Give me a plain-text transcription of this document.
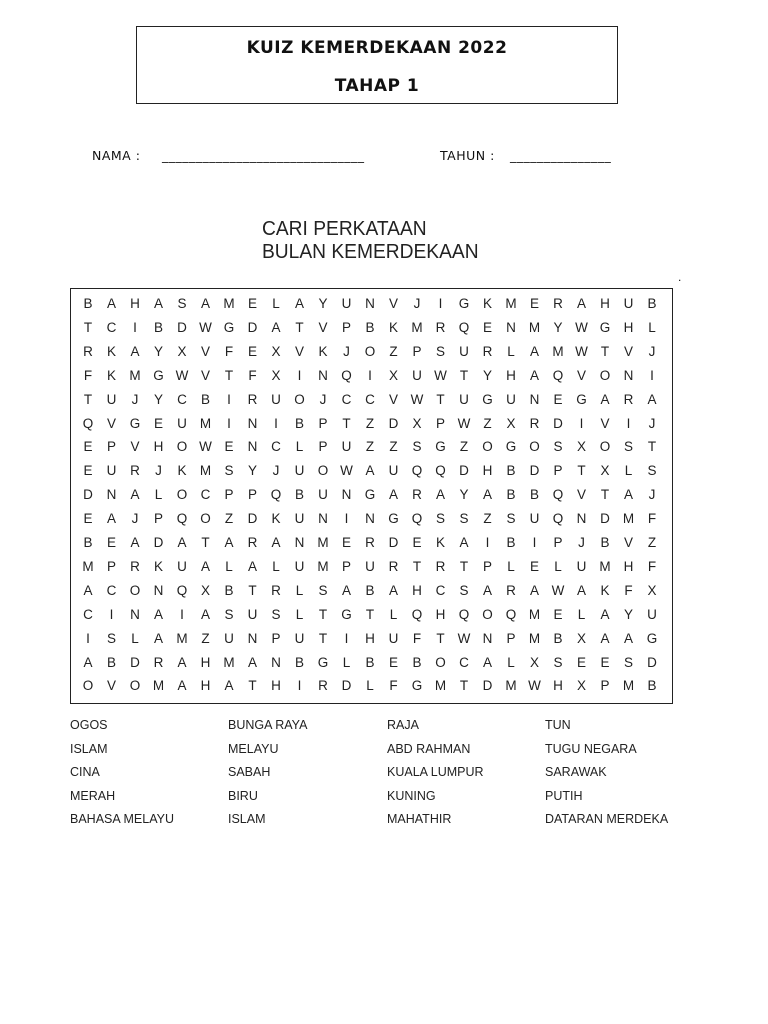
KUIZ KEMERDEKAAN 2022
TAHAP 1
NAMA : ______________________________	TAHUN : _______________
CARI PERKATAAN
BULAN KEMERDEKAAN
.
B	A	H	A	S	A M E	L	A	Y	U	N	V	J	I	G	K M E	R	A	H	U	B
T	C	I	B	D W G D	A	T	V	P	B	K M R Q	E	N M Y W G H	L
R	K	A	Y	X	V	F	E	X	V	K	J	O	Z	P	S	U	R	L	A M W T	V	J
F	K M G W V	T	F	X	I	N Q	I	X	U W T	Y	H	A	Q	V	O N	I
T	U	J	Y	C	B	I	R	U O	J	C	C	V W T	U G U	N	E	G	A	R	A
Q	V	G	E	U M	I	N	I	B	P	T	Z	D	X	P W Z	X	R	D	I	V	I	J
E	P	V	H O W E	N	C	L	P	U	Z	Z	S	G	Z	O G O	S	X	O	S	T
E	U	R	J	K M S	Y	J	U O W A	U Q Q D	H	B	D	P	T	X	L	S
D	N	A	L	O C	P	P	Q	B	U	N G	A	R	A	Y	A	B	B	Q	V	T	A	J
E	A	J	P	Q O	Z	D	K	U	N	I	N G Q	S	S	Z	S	U Q N	D M	F
B	E	A	D	A	T	A	R	A	N M E	R	D	E	K	A	I	B	I	P	J	B	V	Z
M P	R	K	U	A	L	A	L	U M P	U	R	T	R	T	P	L	E	L	U M H	F
A	C O N Q	X	B	T	R	L	S	A	B	A	H	C	S	A	R	A W A	K	F	X
C	I	N	A	I	A	S	U	S	L	T	G	T	L	Q H Q O Q M E	L	A	Y	U
I	S	L	A M	Z	U	N	P	U	T	I	H	U	F	T W N	P M B	X	A	A	G
A	B	D	R	A	H M A	N	B	G	L	B	E	B	O C	A	L	X	S	E	E	S	D
O	V	O M A	H	A	T	H	I	R	D	L	F	G M	T	D M W H	X	P M B
OGOS	BUNGA RAYA	RAJA	TUN
ISLAM	MELAYU	ABD RAHMAN	TUGU NEGARA
CINA	SABAH	KUALA LUMPUR	SARAWAK
MERAH	BIRU	KUNING	PUTIH
BAHASA MELAYU	ISLAM	MAHATHIR	DATARAN MERDEKA
